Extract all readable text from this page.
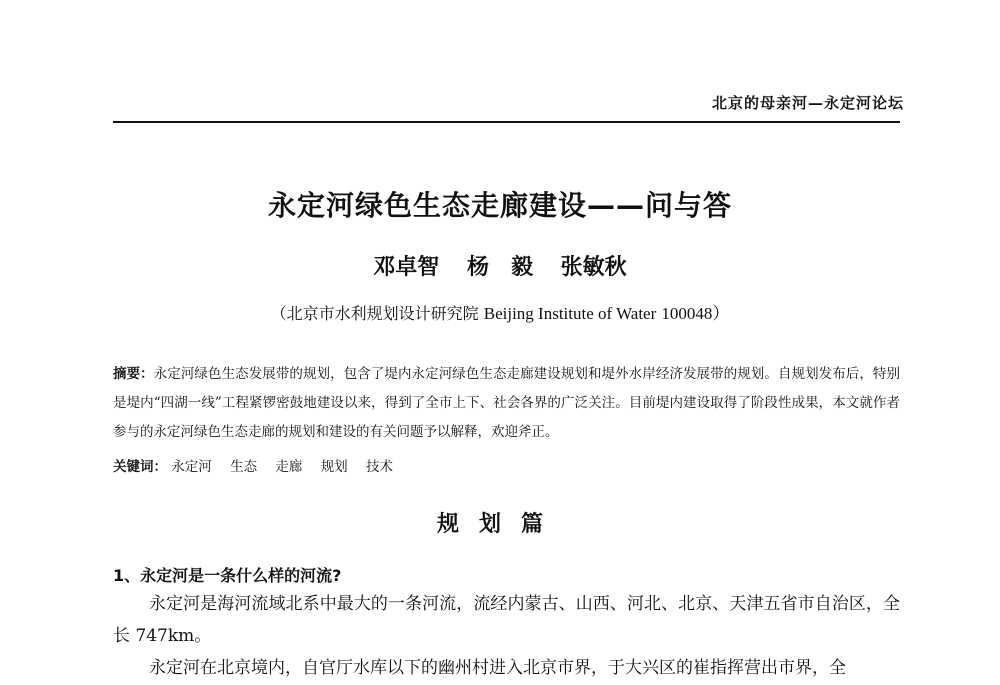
北京的母亲河—永定河论坛
永定河绿色生态走廊建设——问与答
邓卓智 杨　毅 张敏秋
（北京市水利规划设计研究院 Beijing Institute of Water 100048）
摘要：永定河绿色生态发展带的规划，包含了堤内永定河绿色生态走廊建设规划和堤外水岸经济发展带的规划。自规划发布后，特别是堤内“四湖一线”工程紧锣密鼓地建设以来，得到了全市上下、社会各界的广泛关注。目前堤内建设取得了阶段性成果，本文就作者参与的永定河绿色生态走廊的规划和建设的有关问题予以解释，欢迎斧正。
关键词： 永定河 生态 走廊 规划 技术
规划篇
1、永定河是一条什么样的河流?
永定河是海河流域北系中最大的一条河流，流经内蒙古、山西、河北、北京、天津五省市自治区，全长 747km。
永定河在北京境内，自官厅水库以下的幽州村进入北京市界，于大兴区的崔指挥营出市界，全
